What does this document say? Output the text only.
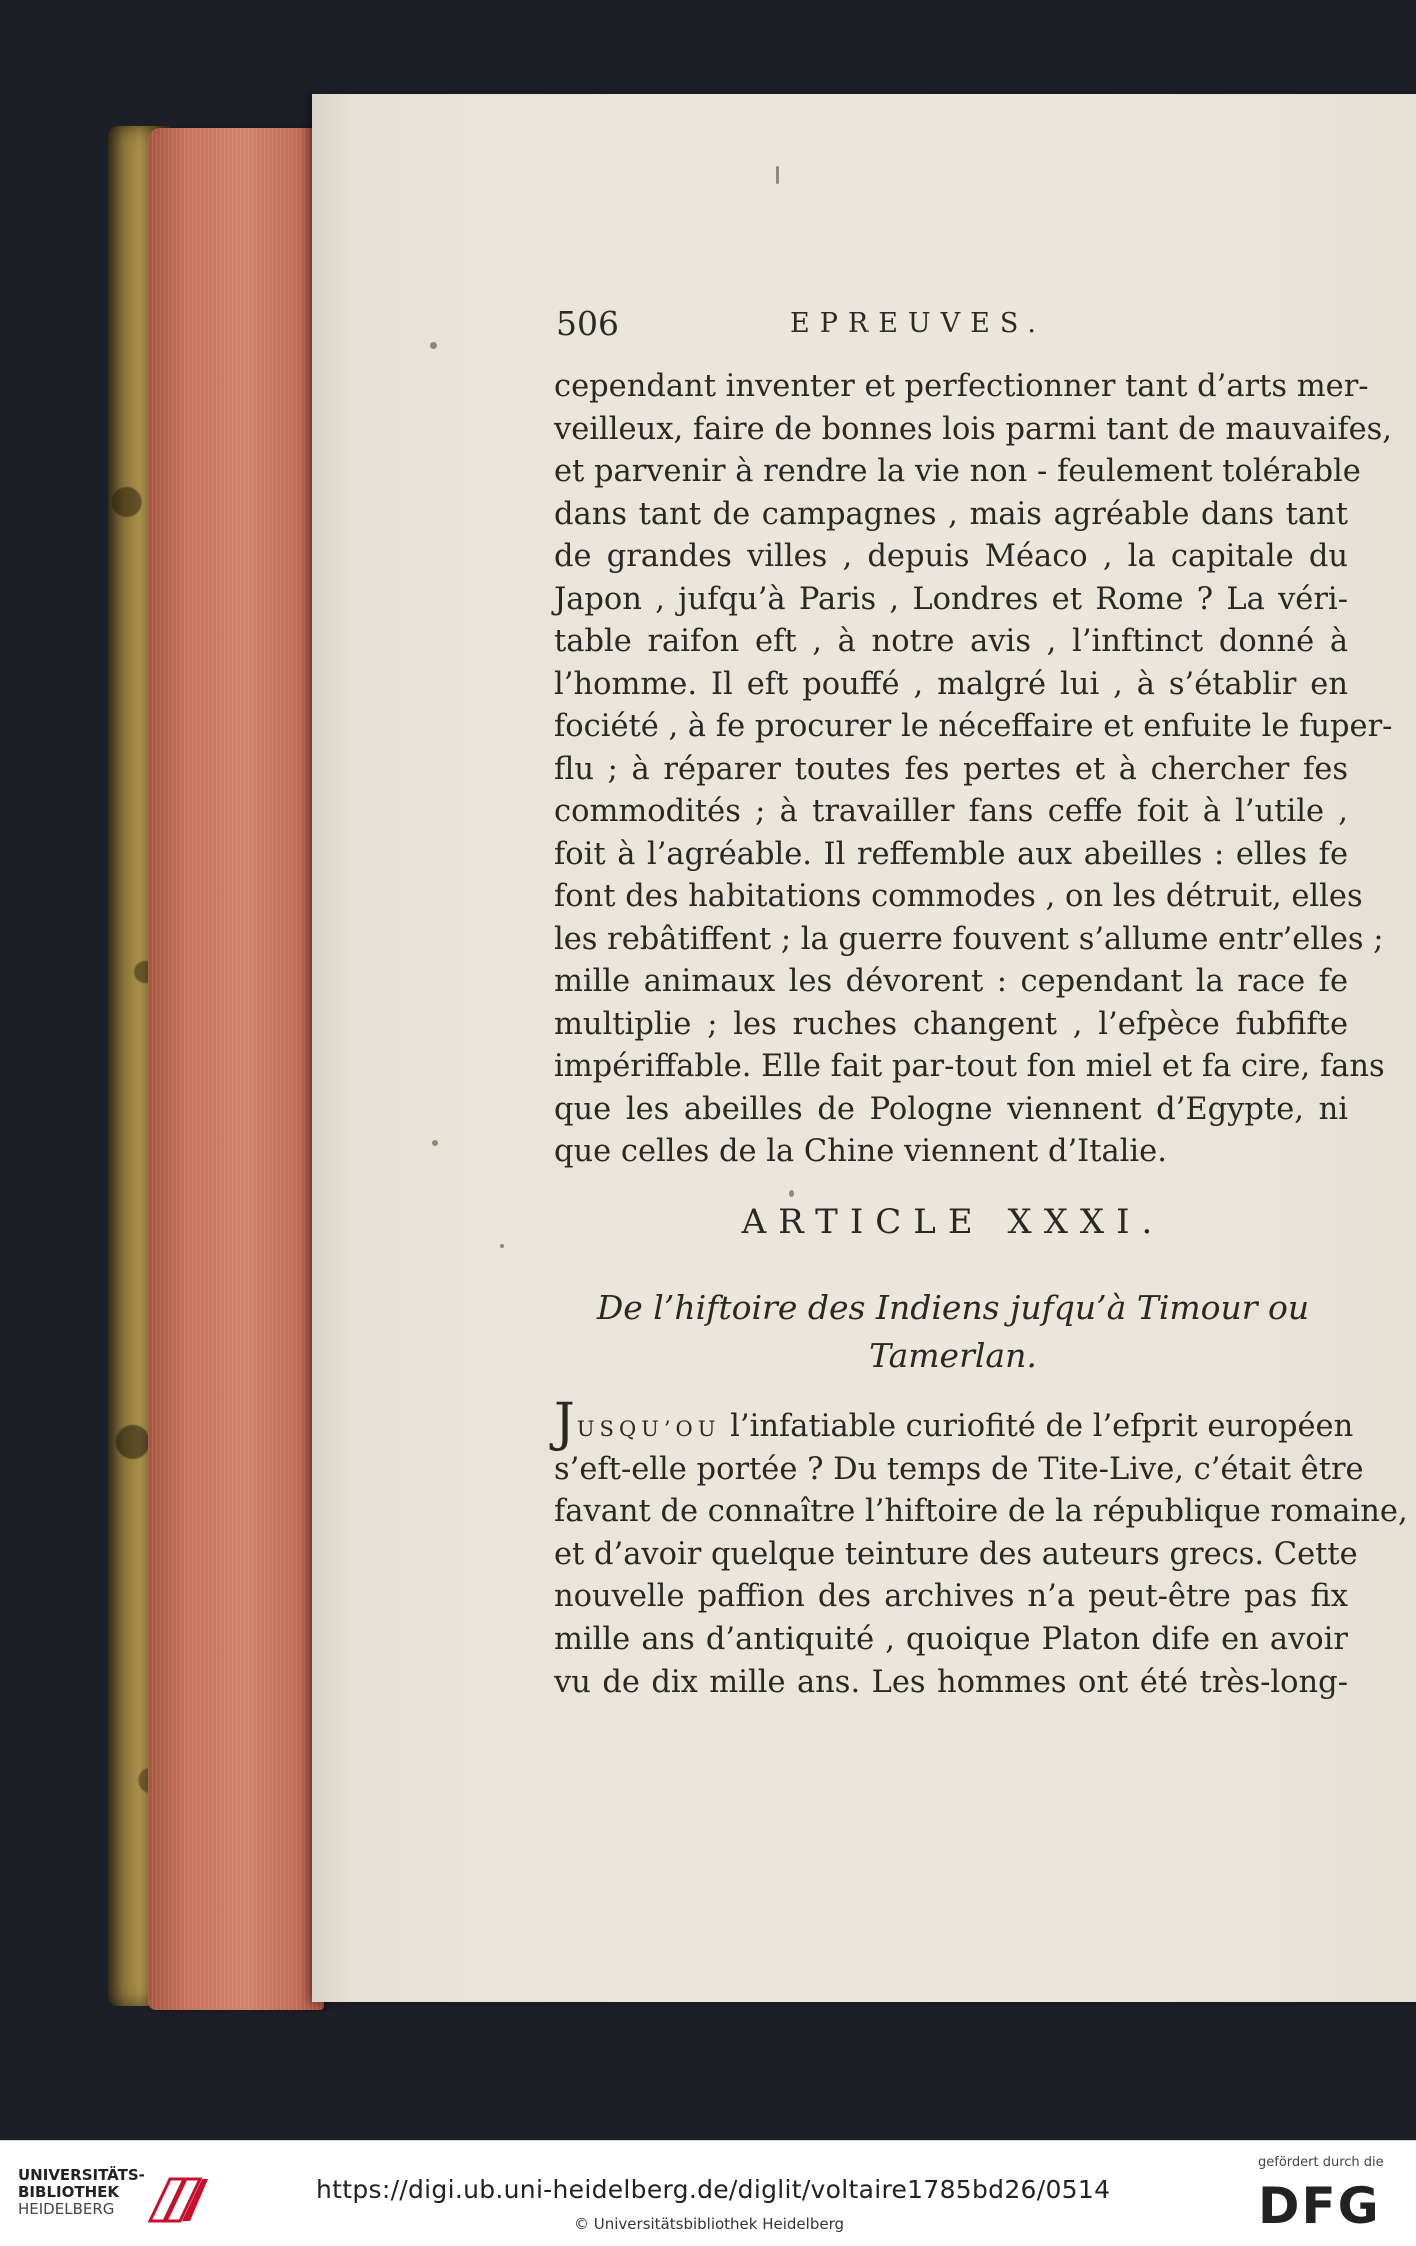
506	EPREUVES.
cependant inventer et perfectionner tant d’arts mer-
veilleux, faire de bonnes lois parmi tant de mauvaifes,
et parvenir à rendre la vie non - feulement tolérable
dans tant de campagnes , mais agréable dans tant
de grandes villes , depuis Méaco , la capitale du
Japon , jufqu’à Paris , Londres et Rome ? La véri-
table raifon eft , à notre avis , l’inftinct donné à
l’homme. Il eft pouffé , malgré lui , à s’établir en
fociété , à fe procurer le néceffaire et enfuite le fuper-
flu ; à réparer toutes fes pertes et à chercher fes
commodités ; à travailler fans ceffe foit à l’utile ,
foit à l’agréable. Il reffemble aux abeilles : elles fe
font des habitations commodes , on les détruit, elles
les rebâtiffent ; la guerre fouvent s’allume entr’elles ;
mille animaux les dévorent : cependant la race fe
multiplie ; les ruches changent , l’efpèce fubfifte
impériffable. Elle fait par-tout fon miel et fa cire, fans
que les abeilles de Pologne viennent d’Egypte, ni
que celles de la Chine viennent d’Italie.
ARTICLE XXXI.
De l’hiftoire des Indiens jufqu’à Timour ou
Tamerlan.
JUSQU’OU l’infatiable curiofité de l’efprit européen
s’eft-elle portée ? Du temps de Tite-Live, c’était être
favant de connaître l’hiftoire de la république romaine,
et d’avoir quelque teinture des auteurs grecs. Cette
nouvelle paffion des archives n’a peut-être pas fix
mille ans d’antiquité , quoique Platon dife en avoir
vu de dix mille ans. Les hommes ont été très-long-
UNIVERSITÄTS-
BIBLIOTHEK
HEIDELBERG
https://digi.ub.uni-heidelberg.de/diglit/voltaire1785bd26/0514
© Universitätsbibliothek Heidelberg
gefördert durch die
DFG
